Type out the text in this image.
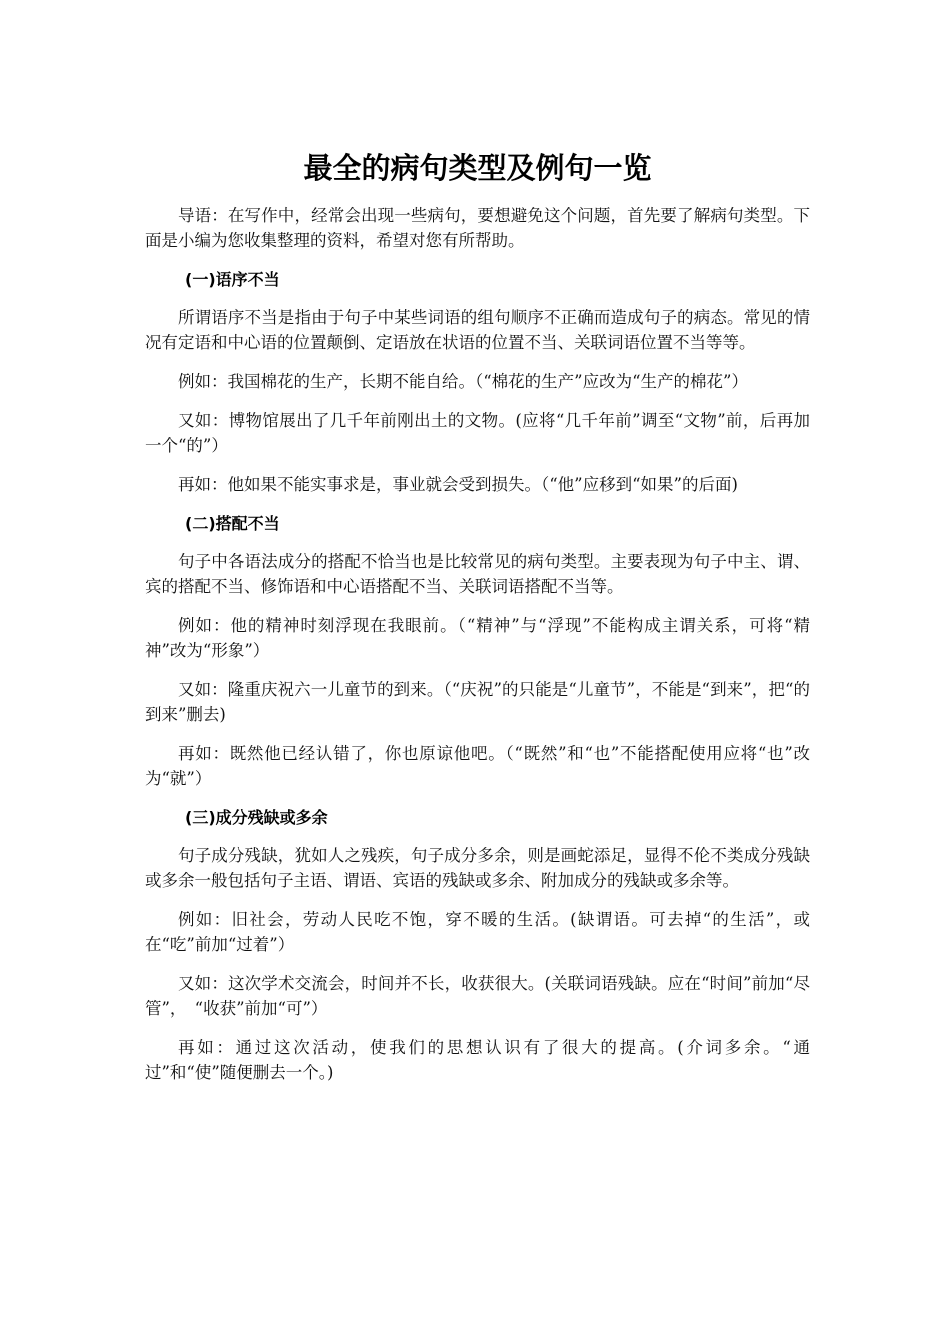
最全的病句类型及例句一览

导语：在写作中，经常会出现一些病句，要想避免这个问题，首先要了解病句类型。下面是小编为您收集整理的资料，希望对您有所帮助。

(一)语序不当

所谓语序不当是指由于句子中某些词语的组句顺序不正确而造成句子的病态。常见的情况有定语和中心语的位置颠倒、定语放在状语的位置不当、关联词语位置不当等等。

例如：我国棉花的生产，长期不能自给。（“棉花的生产”应改为“生产的棉花”）

又如：博物馆展出了几千年前刚出土的文物。(应将“几千年前”调至“文物”前，后再加一个“的”）

再如：他如果不能实事求是，事业就会受到损失。（“他”应移到“如果”的后面)

(二)搭配不当

句子中各语法成分的搭配不恰当也是比较常见的病句类型。主要表现为句子中主、谓、宾的搭配不当、修饰语和中心语搭配不当、关联词语搭配不当等。

例如：他的精神时刻浮现在我眼前。（“精神”与“浮现”不能构成主谓关系，可将“精神”改为“形象”）

又如：隆重庆祝六一儿童节的到来。（“庆祝”的只能是“儿童节”，不能是“到来”，把“的到来”删去)

再如：既然他已经认错了，你也原谅他吧。（“既然”和“也”不能搭配使用应将“也”改为“就”）

(三)成分残缺或多余

句子成分残缺，犹如人之残疾，句子成分多余，则是画蛇添足，显得不伦不类成分残缺或多余一般包括句子主语、谓语、宾语的残缺或多余、附加成分的残缺或多余等。

例如：旧社会，劳动人民吃不饱，穿不暖的生活。(缺谓语。可去掉“的生活”，或在“吃”前加“过着”）

又如：这次学术交流会，时间并不长，收获很大。(关联词语残缺。应在“时间”前加“尽管”，　“收获”前加“可”）

再如：通过这次活动，使我们的思想认识有了很大的提高。(介词多余。“通过”和“使”随便删去一个。)
